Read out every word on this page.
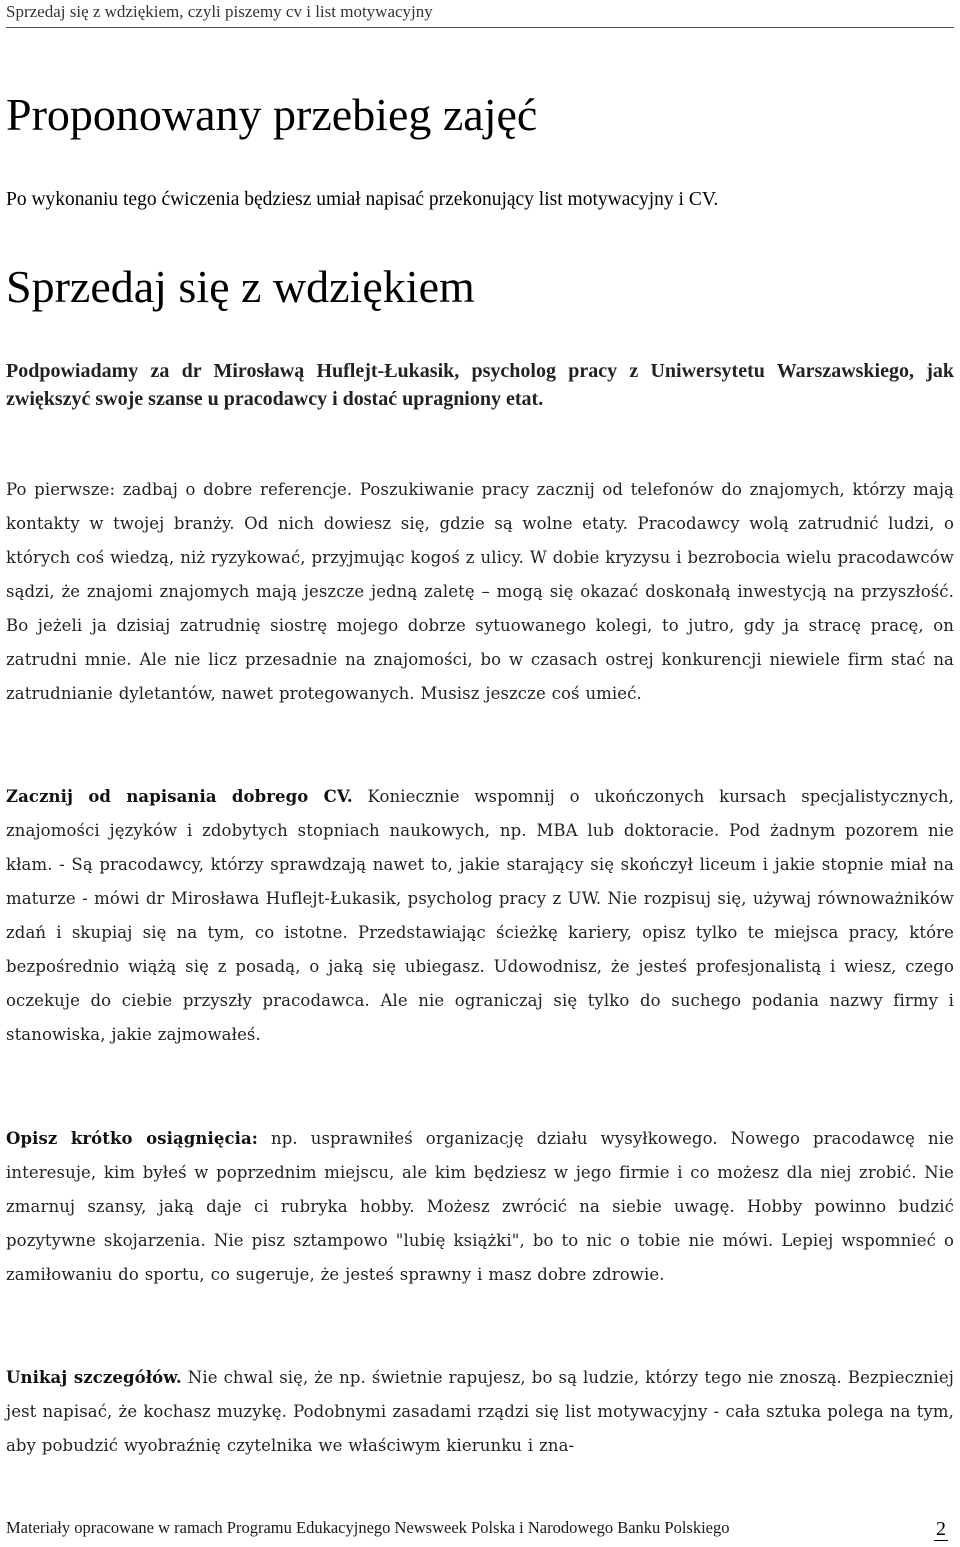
Sprzedaj się z wdziękiem, czyli piszemy cv i list motywacyjny
Proponowany przebieg zajęć

Po wykonaniu tego ćwiczenia będziesz umiał napisać przekonujący list motywacyjny i CV.

Sprzedaj się z wdziękiem

Podpowiadamy za dr Mirosławą Huflejt-Łukasik, psycholog pracy z Uniwersytetu Warszawskiego, jak zwiększyć swoje szanse u pracodawcy i dostać upragniony etat.

Po pierwsze: zadbaj o dobre referencje. Poszukiwanie pracy zacznij od telefonów do znajomych, którzy mają kontakty w twojej branży. Od nich dowiesz się, gdzie są wolne etaty. Pracodawcy wolą zatrudnić ludzi, o których coś wiedzą, niż ryzykować, przyjmując kogoś z ulicy. W dobie kryzysu i bezrobocia wielu pracodawców sądzi, że znajomi znajomych mają jeszcze jedną zaletę – mogą się okazać doskonałą inwestycją na przyszłość. Bo jeżeli ja dzisiaj zatrudnię siostrę mojego dobrze sytuowanego kolegi, to jutro, gdy ja stracę pracę, on zatrudni mnie. Ale nie licz przesadnie na znajomości, bo w czasach ostrej konkurencji niewiele firm stać na zatrudnianie dyletantów, nawet protegowanych. Musisz jeszcze coś umieć.

Zacznij od napisania dobrego CV. Koniecznie wspomnij o ukończonych kursach specjalistycznych, znajomości języków i zdobytych stopniach naukowych, np. MBA lub doktoracie. Pod żadnym pozorem nie kłam. - Są pracodawcy, którzy sprawdzają nawet to, jakie starający się skończył liceum i jakie stopnie miał na maturze - mówi dr Mirosława Huflejt-Łukasik, psycholog pracy z UW. Nie rozpisuj się, używaj równoważników zdań i skupiaj się na tym, co istotne. Przedstawiając ścieżkę kariery, opisz tylko te miejsca pracy, które bezpośrednio wiążą się z posadą, o jaką się ubiegasz. Udowodnisz, że jesteś profesjonalistą i wiesz, czego oczekuje do ciebie przyszły pracodawca. Ale nie ograniczaj się tylko do suchego podania nazwy firmy i stanowiska, jakie zajmowałeś.

Opisz krótko osiągnięcia: np. usprawniłeś organizację działu wysyłkowego. Nowego pracodawcę nie interesuje, kim byłeś w poprzednim miejscu, ale kim będziesz w jego firmie i co możesz dla niej zrobić. Nie zmarnuj szansy, jaką daje ci rubryka hobby. Możesz zwrócić na siebie uwagę. Hobby powinno budzić pozytywne skojarzenia. Nie pisz sztampowo "lubię książki", bo to nic o tobie nie mówi. Lepiej wspomnieć o zamiłowaniu do sportu, co sugeruje, że jesteś sprawny i masz dobre zdrowie.

Unikaj szczegółów. Nie chwal się, że np. świetnie rapujesz, bo są ludzie, którzy tego nie znoszą. Bezpieczniej jest napisać, że kochasz muzykę. Podobnymi zasadami rządzi się list motywacyjny - cała sztuka polega na tym, aby pobudzić wyobraźnię czytelnika we właściwym kierunku i zna-

Materiały opracowane w ramach Programu Edukacyjnego Newsweek Polska i Narodowego Banku Polskiego	2
